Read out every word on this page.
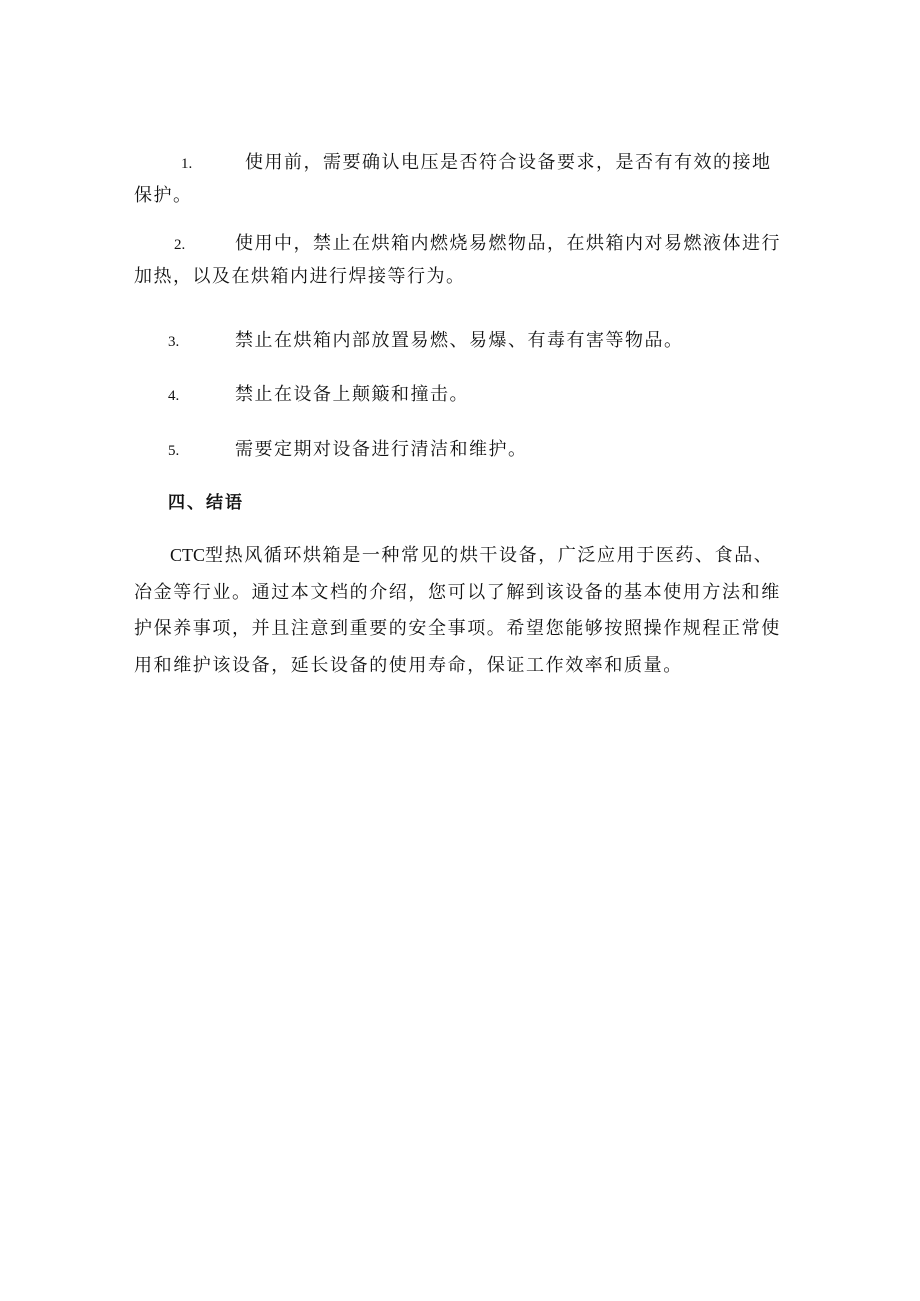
1.	使用前，需要确认电压是否符合设备要求，是否有有效的接地保护。
2.	使用中，禁止在烘箱内燃烧易燃物品，在烘箱内对易燃液体进行加热，以及在烘箱内进行焊接等行为。
3.	禁止在烘箱内部放置易燃、易爆、有毒有害等物品。
4.	禁止在设备上颠簸和撞击。
5.	需要定期对设备进行清洁和维护。
四、结语
CTC型热风循环烘箱是一种常见的烘干设备，广泛应用于医药、食品、冶金等行业。通过本文档的介绍，您可以了解到该设备的基本使用方法和维护保养事项，并且注意到重要的安全事项。希望您能够按照操作规程正常使用和维护该设备，延长设备的使用寿命，保证工作效率和质量。
